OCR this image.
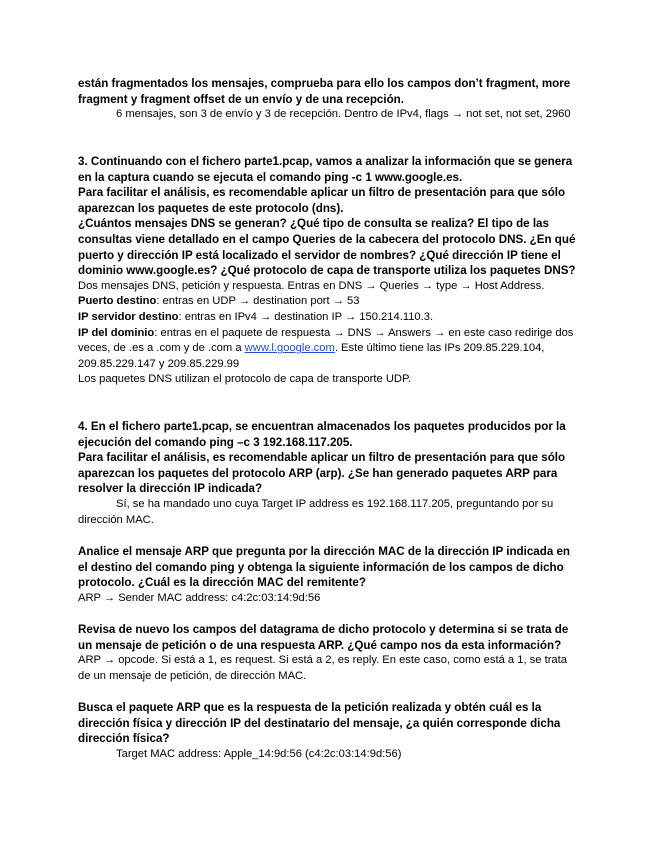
están fragmentados los mensajes, comprueba para ello los campos don’t fragment, more fragment y fragment offset de un envío y de una recepción.

6 mensajes, son 3 de envío y 3 de recepción. Dentro de IPv4, flags → not set, not set, 2960

3. Continuando con el fichero parte1.pcap, vamos a analizar la información que se genera en la captura cuando se ejecuta el comando ping -c 1 www.google.es.

Para facilitar el análisis, es recomendable aplicar un filtro de presentación para que sólo aparezcan los paquetes de este protocolo (dns).

¿Cuántos mensajes DNS se generan? ¿Qué tipo de consulta se realiza? El tipo de las consultas viene detallado en el campo Queries de la cabecera del protocolo DNS. ¿En qué puerto y dirección IP está localizado el servidor de nombres? ¿Qué dirección IP tiene el dominio www.google.es? ¿Qué protocolo de capa de transporte utiliza los paquetes DNS?

Dos mensajes DNS, petición y respuesta. Entras en DNS → Queries → type → Host Address.

Puerto destino: entras en UDP → destination port → 53

IP servidor destino: entras en IPv4 → destination IP → 150.214.110.3.

IP del dominio: entras en el paquete de respuesta → DNS → Answers → en este caso redirige dos veces, de .es a .com y de .com a www.l.google.com. Este último tiene las IPs 209.85.229.104, 209.85.229.147 y 209.85.229.99

Los paquetes DNS utilizan el protocolo de capa de transporte UDP.

4. En el fichero parte1.pcap, se encuentran almacenados los paquetes producidos por la ejecución del comando ping –c 3 192.168.117.205.

Para facilitar el análisis, es recomendable aplicar un filtro de presentación para que sólo aparezcan los paquetes del protocolo ARP (arp). ¿Se han generado paquetes ARP para resolver la dirección IP indicada?

Sí, se ha mandado uno cuya Target IP address es 192.168.117.205, preguntando por su dirección MAC.

Analice el mensaje ARP que pregunta por la dirección MAC de la dirección IP indicada en el destino del comando ping y obtenga la siguiente información de los campos de dicho protocolo. ¿Cuál es la dirección MAC del remitente?

ARP → Sender MAC address: c4:2c:03:14:9d:56

Revisa de nuevo los campos del datagrama de dicho protocolo y determina si se trata de un mensaje de petición o de una respuesta ARP. ¿Qué campo nos da esta información?

ARP → opcode. Si está a 1, es request. Si está a 2, es reply. En este caso, como está a 1, se trata de un mensaje de petición, de dirección MAC.

Busca el paquete ARP que es la respuesta de la petición realizada y obtén cuál es la dirección física y dirección IP del destinatario del mensaje, ¿a quién corresponde dicha dirección física?

Target MAC address: Apple_14:9d:56 (c4:2c:03:14:9d:56)
